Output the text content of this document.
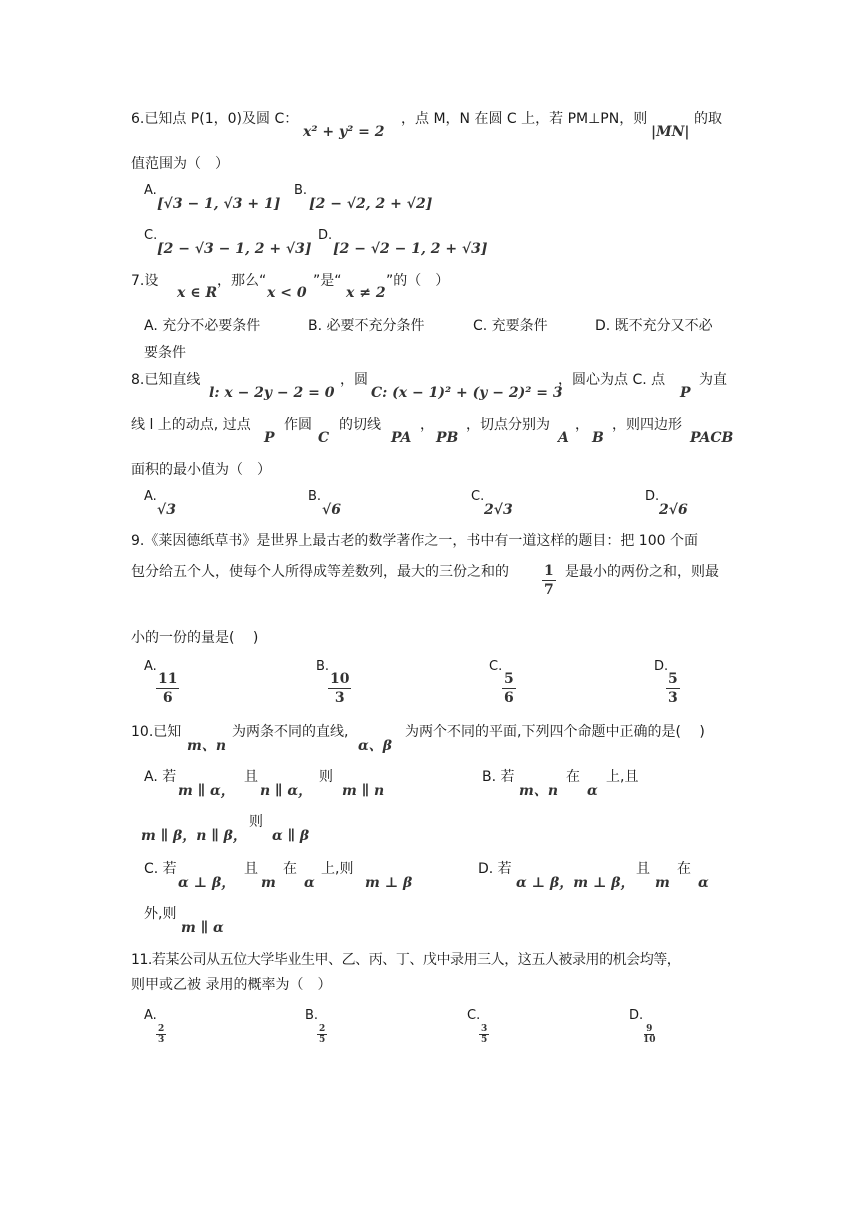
6.已知点 P(1，0)及圆 C：
x² + y² = 2
，点 M，N 在圆 C 上，若 PM⊥PN，则
|MN|
的取
值范围为（　）
A.
[√3 − 1, √3 + 1]
B.
[2 − √2, 2 + √2]
C.
[2 − √3 − 1, 2 + √3]
D.
[2 − √2 − 1, 2 + √3]
7.设
x ∈ R
，那么“
x < 0
”是“
x ≠ 2
”的（　）
A. 充分不必要条件	B. 必要不充分条件	C. 充要条件	D. 既不充分又不必
要条件
8.已知直线
l: x − 2y − 2 = 0
，圆
C: (x − 1)² + (y − 2)² = 3
，圆心为点 C. 点
P
为直
线 l 上的动点, 过点
P
作圆
C
的切线
PA
，
PB
，切点分别为
A
，
B
，则四边形
PACB
面积的最小值为（　）
A.
√3
B.
√6
C.
2√3
D.
2√6
9.《莱因德纸草书》是世界上最古老的数学著作之一，书中有一道这样的题目：把 100 个面
包分给五个人，使每个人所得成等差数列，最大的三份之和的 $\frac{1}{7}$ 是最小的两份之和，则最
小的一份的量是(　 )
A.
$\frac{11}{6}$
B.
$\frac{10}{3}$
C.
$\frac{5}{6}$
D.
$\frac{5}{3}$
10.已知
m、n
为两条不同的直线,
α、β
为两个不同的平面,下列四个命题中正确的是(　 )
A. 若
m ∥ α，
且
n ∥ α，
则
m ∥ n
B. 若
m、n
在
α
上,且
m ∥ β，n ∥ β，
则
α ∥ β
C. 若
α ⊥ β，
且
m
在
α
上,则
m ⊥ β
D. 若
α ⊥ β，m ⊥ β，
且
m
在
α
外,则
m ∥ α
11.若某公司从五位大学毕业生甲、乙、丙、丁、戊中录用三人，这五人被录用的机会均等，
则甲或乙被 录用的概率为（　）
A.
$\frac{2}{3}$
B.
$\frac{2}{5}$
C.
$\frac{3}{5}$
D.
$\frac{9}{10}$
